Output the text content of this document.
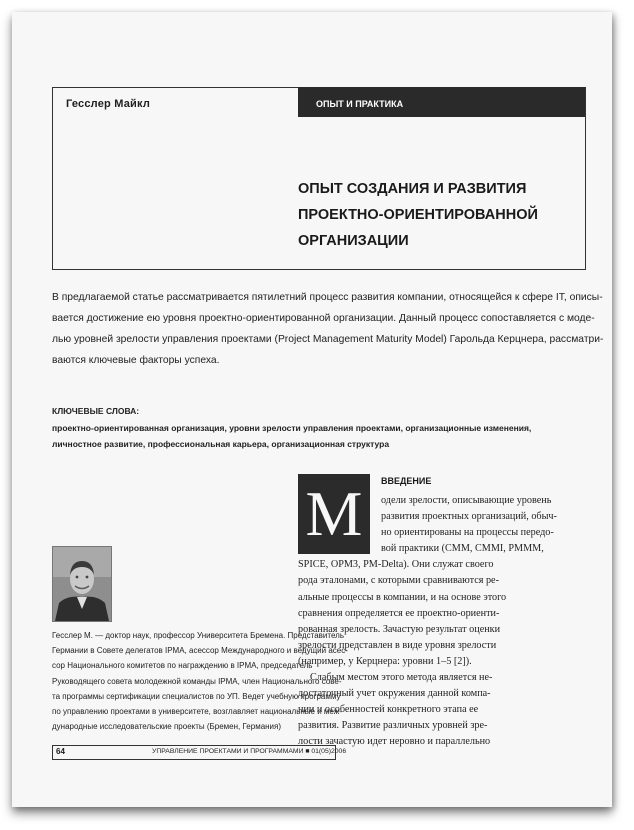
Гесслер Майкл	ОПЫТ И ПРАКТИКА
ОПЫТ СОЗДАНИЯ И РАЗВИТИЯ
ПРОЕКТНО-ОРИЕНТИРОВАННОЙ
ОРГАНИЗАЦИИ
В предлагаемой статье рассматривается пятилетний процесс развития компании, относящейся к сфере IT, описы-
вается достижение ею уровня проектно-ориентированной организации. Данный процесс сопоставляется с моде-
лью уровней зрелости управления проектами (Project Management Maturity Model) Гарольда Керцнера, рассматри-
ваются ключевые факторы успеха.
КЛЮЧЕВЫЕ СЛОВА:
проектно-ориентированная организация, уровни зрелости управления проектами, организационные изменения,
личностное развитие, профессиональная карьера, организационная структура
М	ВВЕДЕНИЕ
одели зрелости, описывающие уровень
развития проектных организаций, обыч-
но ориентированы на процессы передо-
вой практики (CMM, CMMI, PMMM,
SPICE, OPM3, PM-Delta). Они служат своего
рода эталонами, с которыми сравниваются ре-
альные процессы в компании, и на основе этого
сравнения определяется ее проектно-ориенти-
рованная зрелость. Зачастую результат оценки
зрелости представлен в виде уровня зрелости
(например, у Керцнера: уровни 1–5 [2]).
Слабым местом этого метода является не-
достаточный учет окружения данной компа-
нии и особенностей конкретного этапа ее
развития. Развитие различных уровней зре-
лости зачастую идет неровно и параллельно
Гесслер М. — доктор наук, профессор Университета Бремена. Представитель
Германии в Совете делегатов IPMA, асессор Международного и ведущий асес-
сор Национального комитетов по награждению в IPMA, председатель
Руководящего совета молодежной команды IPMA, член Национального сове-
та программы сертификации специалистов по УП. Ведет учебную программу
по управлению проектами в университете, возглавляет национальные и меж-
дународные исследовательские проекты (Бремен, Германия)
64	УПРАВЛЕНИЕ ПРОЕКТАМИ И ПРОГРАММАМИ ■ 01(05)2006
